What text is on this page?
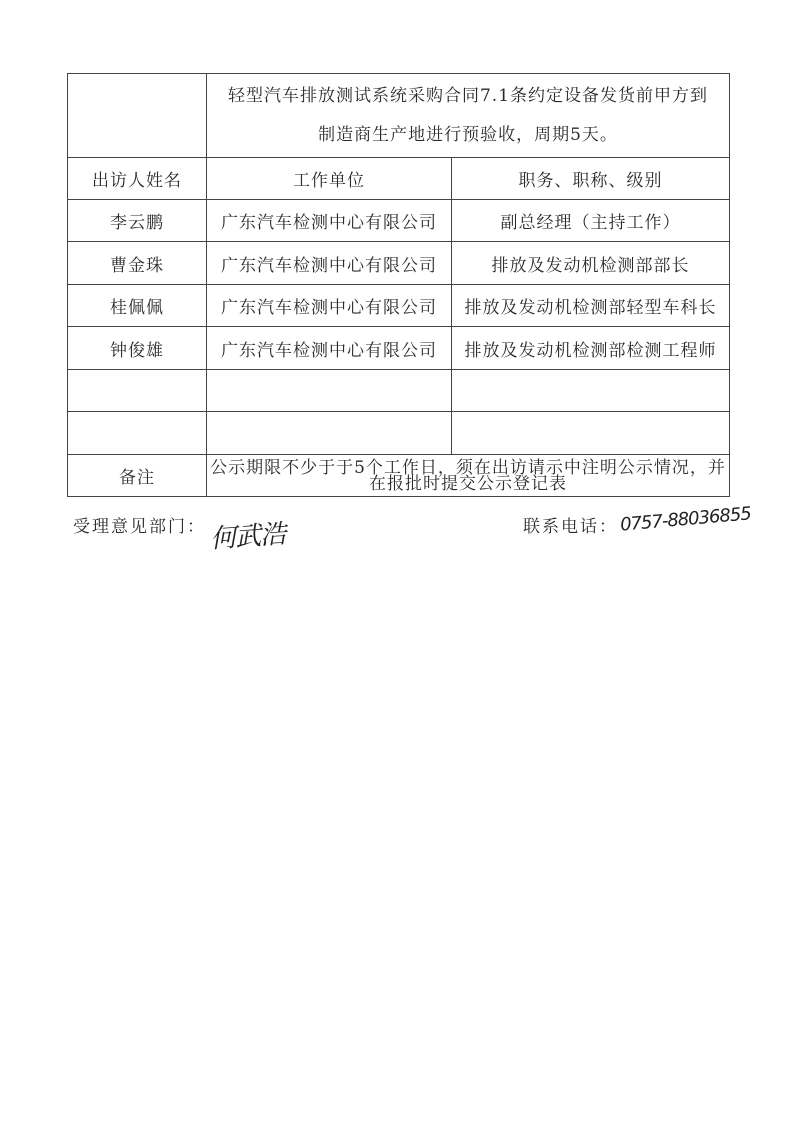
	轻型汽车排放测试系统采购合同7.1条约定设备发货前甲方到
制造商生产地进行预验收，周期5天。	

出访人姓名	工作单位	职务、职称、级别
李云鹏	广东汽车检测中心有限公司	副总经理（主持工作）
曹金珠	广东汽车检测中心有限公司	排放及发动机检测部部长
桂佩佩	广东汽车检测中心有限公司	排放及发动机检测部轻型车科长
钟俊雄	广东汽车检测中心有限公司	排放及发动机检测部检测工程师

备注	公示期限不少于于5个工作日，须在出访请示中注明公示情况，并在报批时提交公示登记表	
受理意见部门： 何武浩	联系电话： 0757-88036855
